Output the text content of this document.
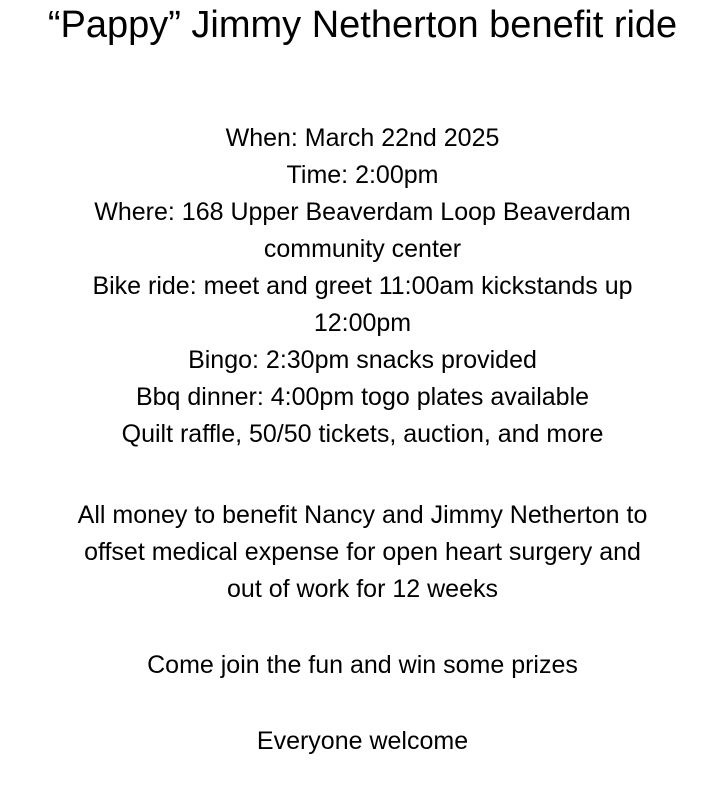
“Pappy” Jimmy Netherton benefit ride
When: March 22nd 2025
Time: 2:00pm
Where: 168 Upper Beaverdam Loop Beaverdam
community center
Bike ride: meet and greet 11:00am kickstands up
12:00pm
Bingo: 2:30pm snacks provided
Bbq dinner: 4:00pm togo plates available
Quilt raffle, 50/50 tickets, auction, and more
All money to benefit Nancy and Jimmy Netherton to
offset medical expense for open heart surgery and
out of work for 12 weeks
Come join the fun and win some prizes
Everyone welcome
